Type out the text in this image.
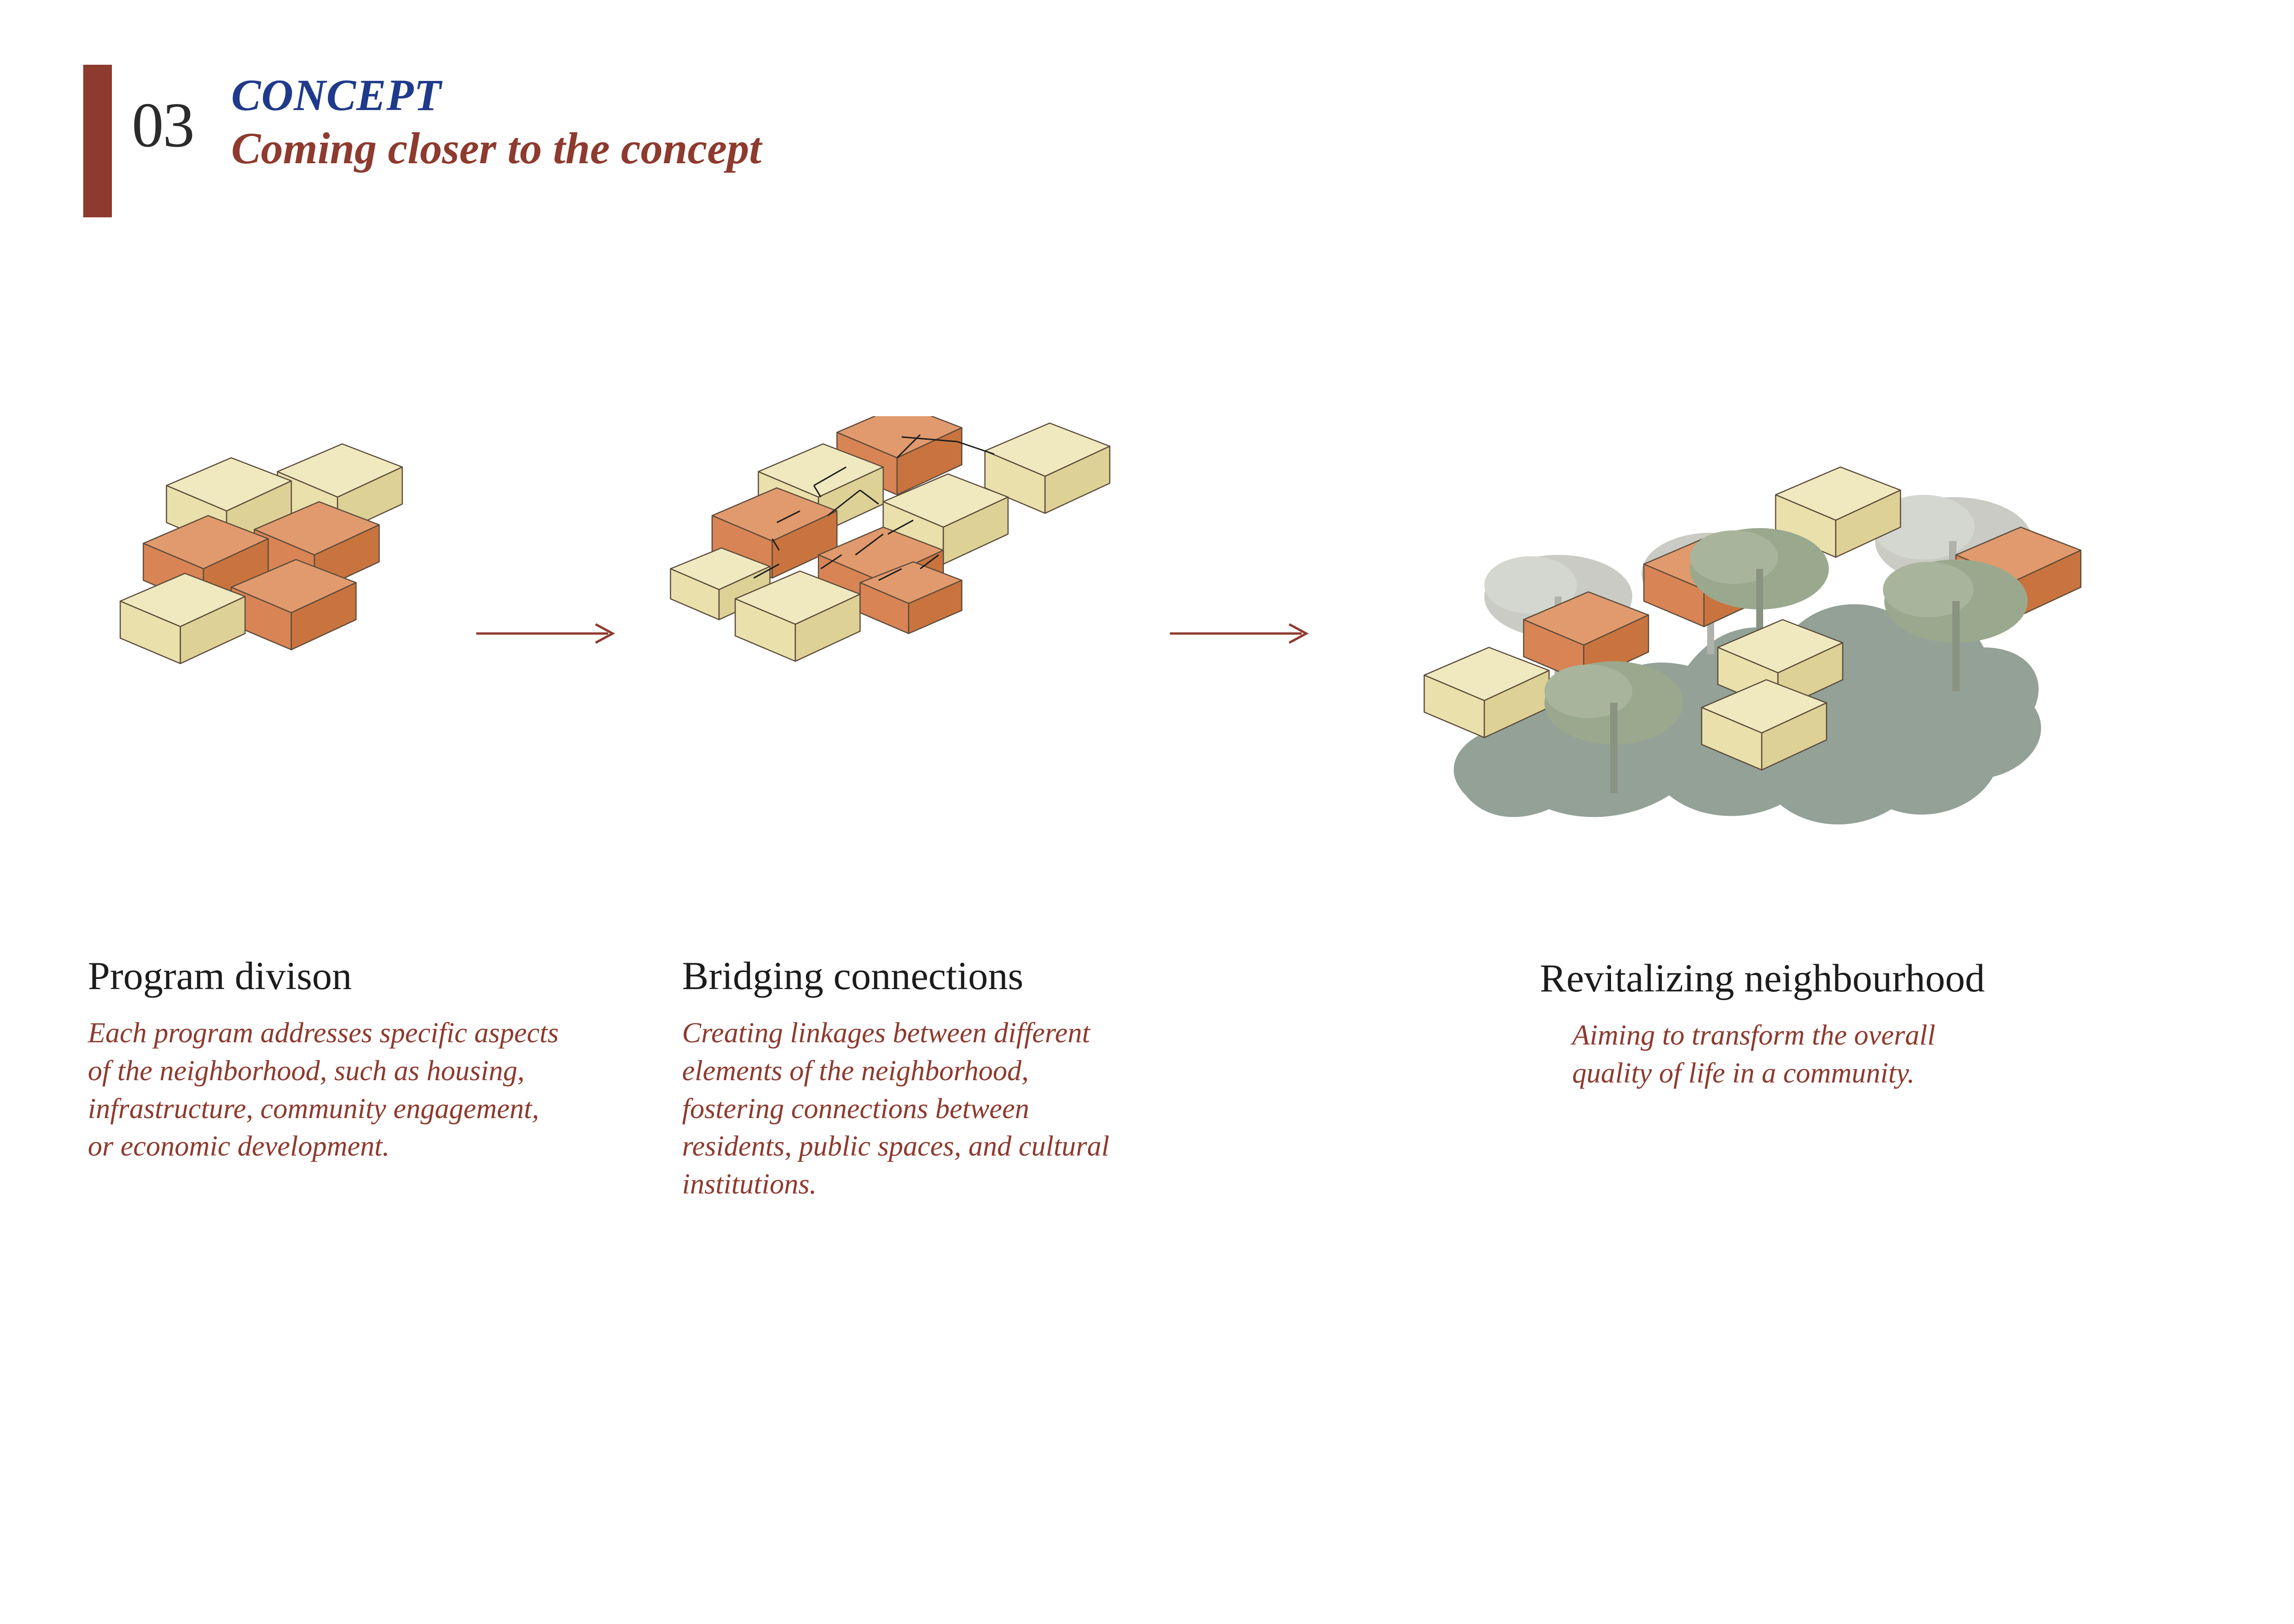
03 CONCEPT
Coming closer to the concept

Program divison

Each program addresses specific aspects of the neighborhood, such as housing, infrastructure, community engagement, or economic development.

Bridging connections

Creating linkages between different elements of the neighborhood, fostering connections between residents, public spaces, and cultural institutions.

Revitalizing neighbourhood

Aiming to transform the overall quality of life in a community.
